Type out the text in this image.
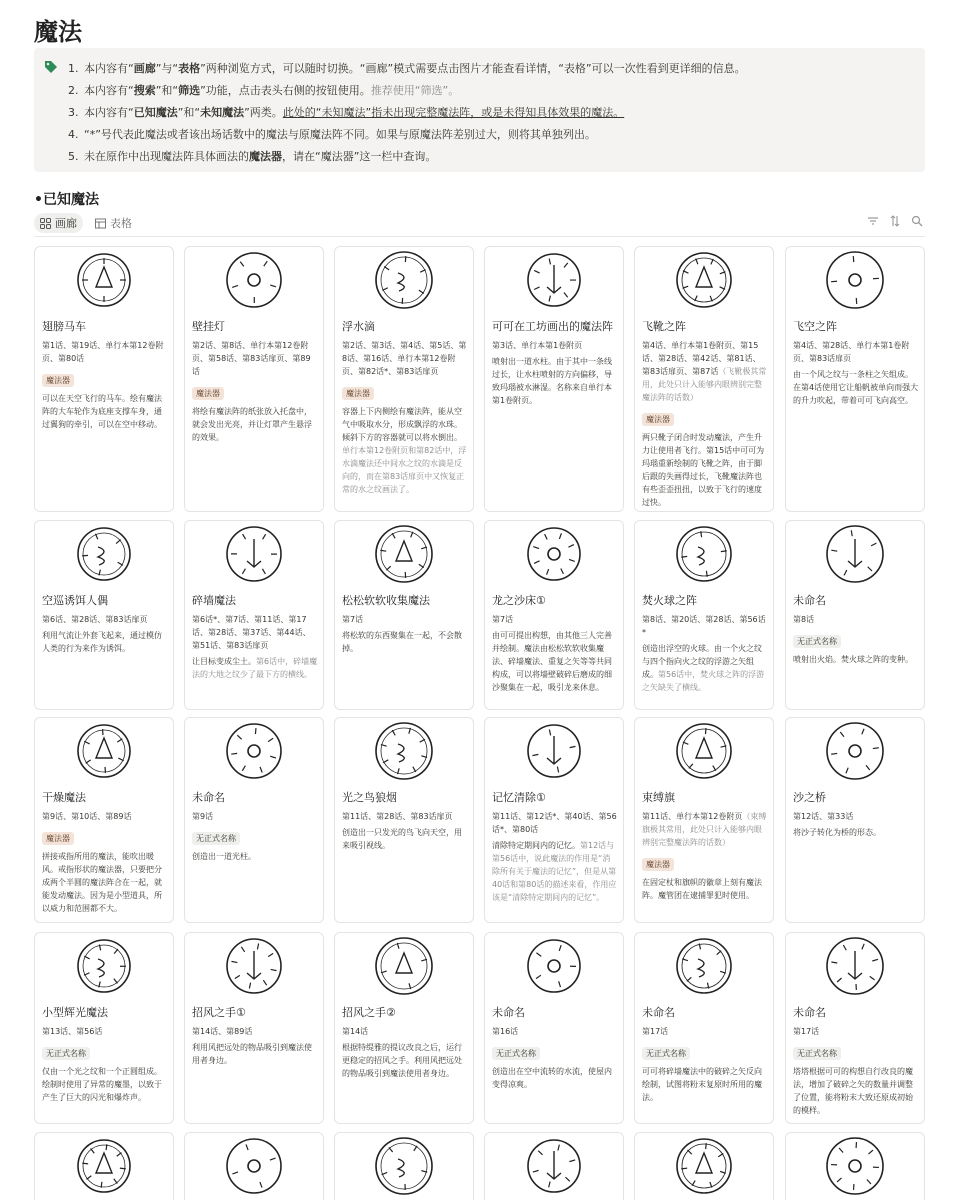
魔法
1. 本内容有“画廊”与“表格”两种浏览方式，可以随时切换。“画廊”模式需要点击图片才能查看详情，“表格”可以一次性看到更详细的信息。
2. 本内容有“搜索”和“筛选”功能，点击表头右侧的按钮使用。推荐使用“筛选”。
3. 本内容有“已知魔法”和“未知魔法”两类。此处的“未知魔法”指未出现完整魔法阵，或是未得知具体效果的魔法。
4. “*”号代表此魔法或者该出场话数中的魔法与原魔法阵不同。如果与原魔法阵差别过大，则将其单独列出。
5. 未在原作中出现魔法阵具体画法的魔法器，请在“魔法器”这一栏中查询。
•已知魔法
画廊	表格
翅膀马车
第1话、第19话、单行本第12卷附页、第80话
魔法器
可以在天空飞行的马车。绘有魔法阵的大车轮作为底座支撑车身，通过翼狗的牵引，可以在空中移动。
壁挂灯
第2话、第8话、单行本第12卷附页、第58话、第83话扉页、第89话
魔法器
将绘有魔法阵的纸张放入托盘中，就会发出光亮，并让灯罩产生悬浮的效果。
浮水滴
第2话、第3话、第4话、第5话、第8话、第16话、单行本第12卷附页、第82话*、第83话扉页
魔法器
容器上下内侧绘有魔法阵，能从空气中吸取水分，形成飘浮的水珠。倾斜下方的容器就可以将水倒出。单行本第12卷附页和第82话中，浮水滴魔法还中间水之纹的水滴是反向的，而在第83话扉页中又恢复正常的水之纹画法了。
可可在工坊画出的魔法阵
第3话、单行本第1卷附页
喷射出一道水柱。由于其中一条线过长，让水柱喷射的方向偏移，导致玛瑙被水淋湿。名称来自单行本第1卷附页。
飞靴之阵
第4话、单行本第1卷附页、第15话、第28话、第42话、第81话、第83话扉页、第87话（飞靴极其常用，此处只计入能够内眼辨别完整魔法阵的话数）
魔法器
两只靴子闭合时发动魔法，产生升力让使用者飞行。第15话中可可为玛瑙重新绘制的飞靴之阵，由于脚后跟的失画得过长，飞靴魔法阵也有些歪歪扭扭，以致于飞行的速度过快。
飞空之阵
第4话、第28话、单行本第1卷附页、第83话扉页
由一个风之纹与一条柱之矢组成。在第4话使用它让船帆被单向而强大的升力吹起，带着可可飞向高空。
空巡诱饵人偶
第6话、第28话、第83话扉页
利用气流让外套飞起来，通过模仿人类的行为来作为诱饵。
碎墙魔法
第6话*、第7话、第11话、第17话、第28话、第37话、第44话、第51话、第83话扉页
让目标变成尘土。第6话中，碎墙魔法的大地之纹少了最下方的横线。
松松软软收集魔法
第7话
将松软的东西聚集在一起，不会散掉。
龙之沙床①
第7话
由可可提出构想，由其他三人完善并绘制。魔法由松松软软收集魔法、碎墙魔法、重复之矢等等共同构成，可以将墙壁破碎后磨成的细沙聚集在一起，吸引龙来休息。
焚火球之阵
第8话、第20话、第28话、第56话*
创造出浮空的火球。由一个火之纹与四个指向火之纹的浮游之矢组成。第56话中，焚火球之阵的浮游之矢缺失了横线。
未命名
第8话
无正式名称
喷射出火焰。焚火球之阵的变种。
干燥魔法
第9话、第10话、第89话
魔法器
拼接戒指所用的魔法，能吹出暖风。戒指形状的魔法器，只要把分成两个半圆的魔法阵合在一起，就能发动魔法。因为是小型道具，所以威力和范围都不大。
未命名
第9话
无正式名称
创造出一道光柱。
光之鸟狼烟
第11话、第28话、第83话扉页
创造出一只发光的鸟飞向天空，用来吸引视线。
记忆清除①
第11话、第12话*、第40话、第56话*、第80话
清除特定期间内的记忆。第12话与第56话中，说此魔法的作用是“消除所有关于魔法的记忆”，但是从第40话和第80话的描述来看，作用应该是“清除特定期间内的记忆”。
束缚旗
第11话、单行本第12卷附页（束缚旗极其常用，此处只计入能够内眼辨别完整魔法阵的话数）
魔法器
在固定杖和旗帜的徽章上刻有魔法阵。魔管团在逮捕罪犯时使用。
沙之桥
第12话、第33话
将沙子转化为桥的形态。
小型辉光魔法
第13话、第56话
无正式名称
仅由一个光之纹和一个正圆组成。绘制时使用了异常的魔墨，以致于产生了巨大的闪光和爆炸声。
招风之手①
第14话、第89话
利用风把远处的物品吸引到魔法使用者身边。
招风之手②
第14话
根据特缇雅的提议改良之后，运行更稳定的招风之手。利用风把远处的物品吸引到魔法使用者身边。
未命名
第16话
无正式名称
创造出在空中流转的水流，使屋内变得凉爽。
未命名
第17话
无正式名称
可可将碎墙魔法中的破碎之矢反向绘制，试图将粉末复原时所用的魔法。
未命名
第17话
无正式名称
塔塔根据可可的构想自行改良的魔法，增加了破碎之矢的数量并调整了位置，能将粉末大致还原成初始的模样。
